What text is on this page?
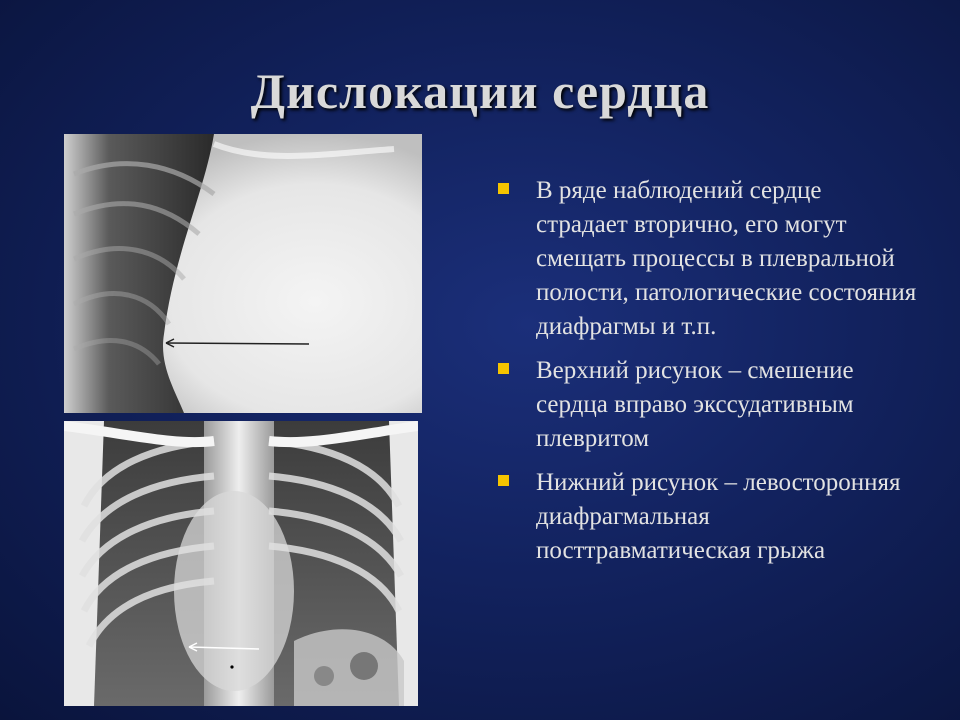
Дислокации сердца
В ряде наблюдений сердце страдает вторично, его могут смещать процессы в плевральной полости, патологические состояния диафрагмы и т.п.
Верхний рисунок – смешение сердца вправо экссудативным плевритом
Нижний рисунок – левосторонняя диафрагмальная посттравматическая грыжа
